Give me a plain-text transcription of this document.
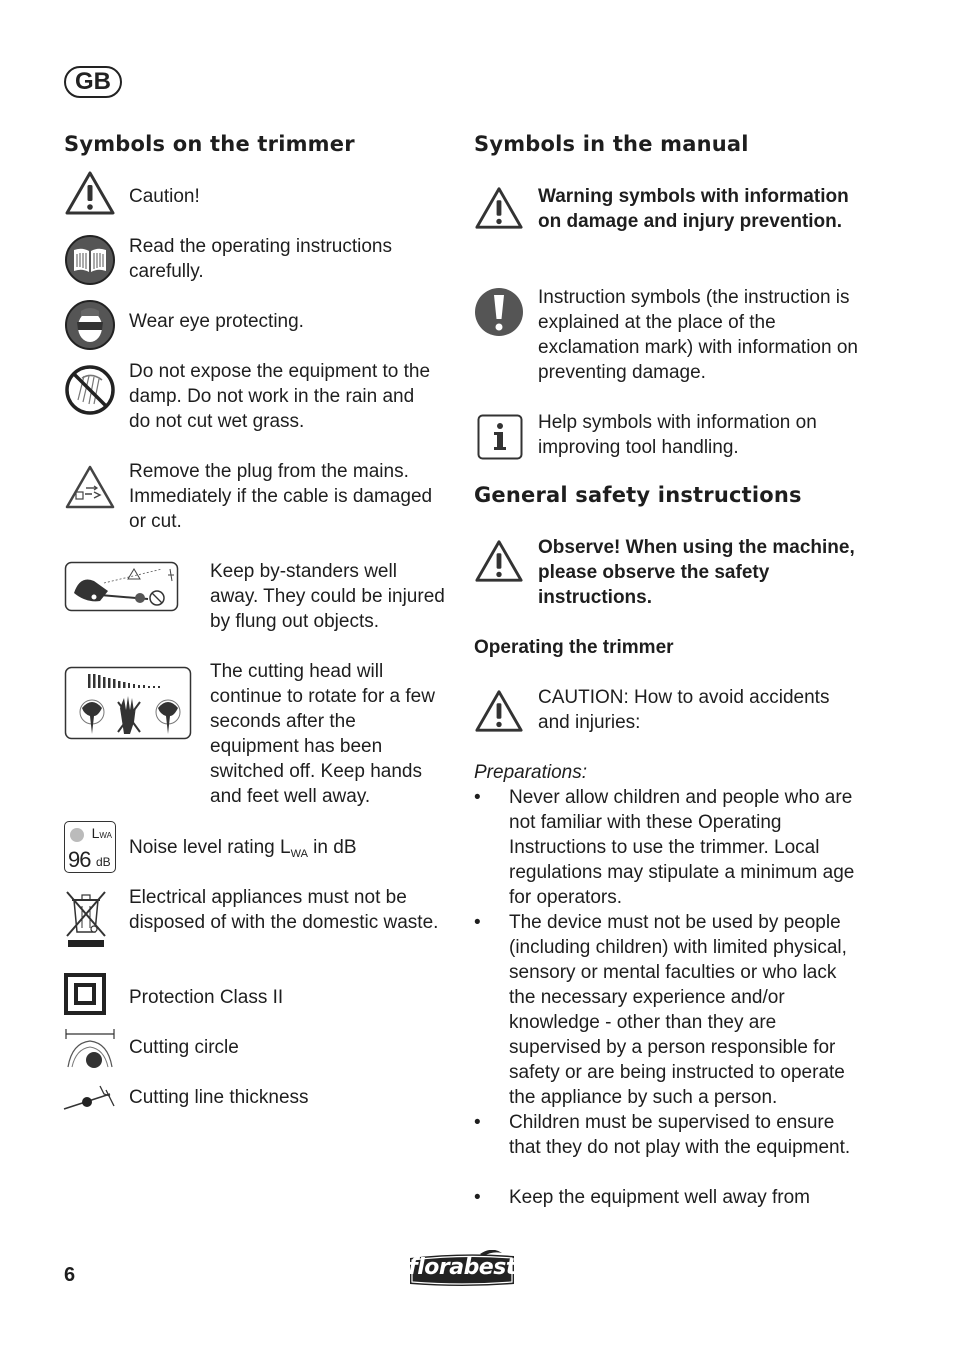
GB
Symbols on the trimmer

Caution!

Read the operating instructions carefully.

Wear eye protecting.

Do not expose the equipment to the damp. Do not work in the rain and do not cut wet grass.

Remove the plug from the mains. Immediately if the cable is damaged or cut.

Keep by-standers well away. They could be injured by flung out objects.

The cutting head will continue to rotate for a few seconds after the equipment has been switched off. Keep hands and feet well away.

LWA
96 dB

Noise level rating $L_{WA}$ in dB

Electrical appliances must not be disposed of with the domestic waste.

Protection Class II

Cutting circle

Cutting line thickness

Symbols in the manual

Warning symbols with information on damage and injury prevention.

Instruction symbols (the instruction is explained at the place of the exclamation mark) with information on preventing damage.

Help symbols with information on improving tool handling.

General safety instructions

Observe! When using the machine, please observe the safety instructions.

Operating the trimmer

CAUTION: How to avoid accidents and injuries:

Preparations:

• Never allow children and people who are not familiar with these Operating Instructions to use the trimmer. Local regulations may stipulate a minimum age for operators.

• The device must not be used by people (including children) with limited physical, sensory or mental faculties or who lack the necessary experience and/or knowledge - other than they are supervised by a person responsible for safety or are being instructed to operate the appliance by such a person.

• Children must be supervised to ensure that they do not play with the equipment.

• Keep the equipment well away from

6	florabest
